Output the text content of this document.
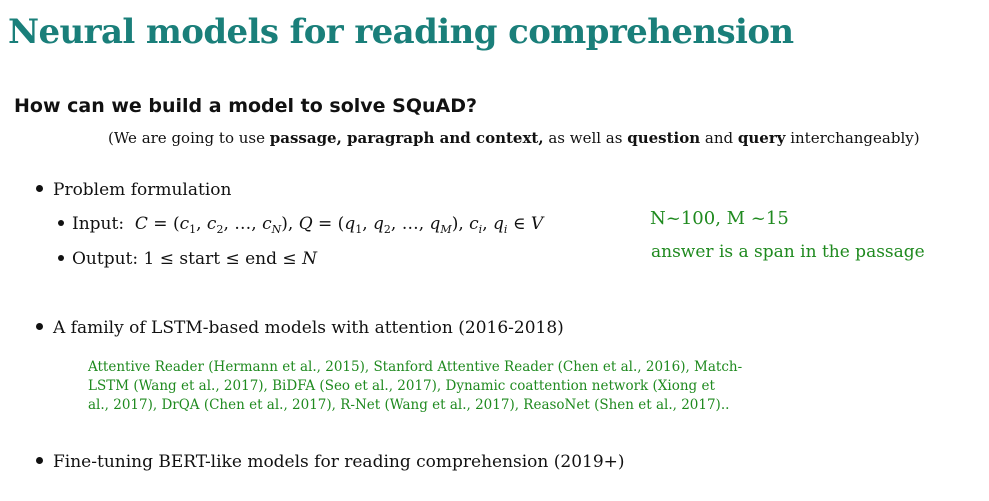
Neural models for reading comprehension
How can we build a model to solve SQuAD?
(We are going to use passage, paragraph and context, as well as question and query interchangeably)
Problem formulation
Input: $C = (c_1$, $c_2$, …, $c_N$), $Q = (q_1$, $q_2$, …, $q_M$), $c_i$, $q_i$ ∈ V
Output: 1 ≤ start ≤ end ≤ N
N~100, M ~15
answer is a span in the passage
A family of LSTM-based models with attention (2016-2018)
Attentive Reader (Hermann et al., 2015), Stanford Attentive Reader (Chen et al., 2016), Match-
LSTM (Wang et al., 2017), BiDFA (Seo et al., 2017), Dynamic coattention network (Xiong et
al., 2017), DrQA (Chen et al., 2017), R-Net (Wang et al., 2017), ReasoNet (Shen et al., 2017)..
Fine-tuning BERT-like models for reading comprehension (2019+)
